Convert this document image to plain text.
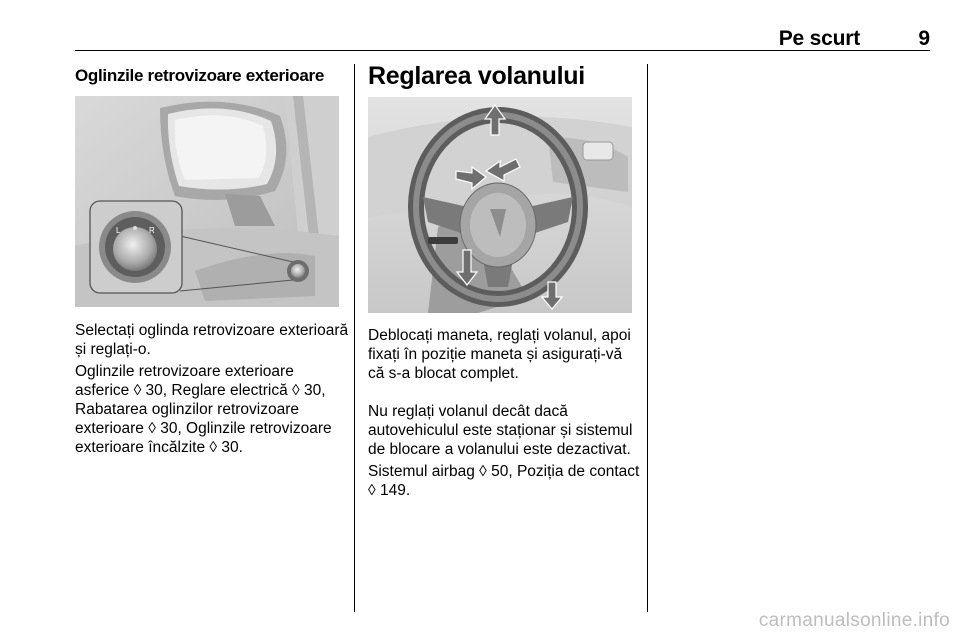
Pe scurt	9
Oglinzile retrovizoare exterioare
L	R
Selectați oglinda retrovizoare exterioară și reglați-o.
Oglinzile retrovizoare exterioare asferice ◊ 30, Reglare electrică ◊ 30, Rabatarea oglinzilor retrovizoare exterioare ◊ 30, Oglinzile retrovizoare exterioare încălzite ◊ 30.
Reglarea volanului
Deblocați maneta, reglați volanul, apoi fixați în poziție maneta și asigurați-vă că s-a blocat complet.
Nu reglați volanul decât dacă autovehiculul este staționar și sistemul de blocare a volanului este dezactivat.
Sistemul airbag ◊ 50, Poziția de contact ◊ 149.
carmanualsonline.info
